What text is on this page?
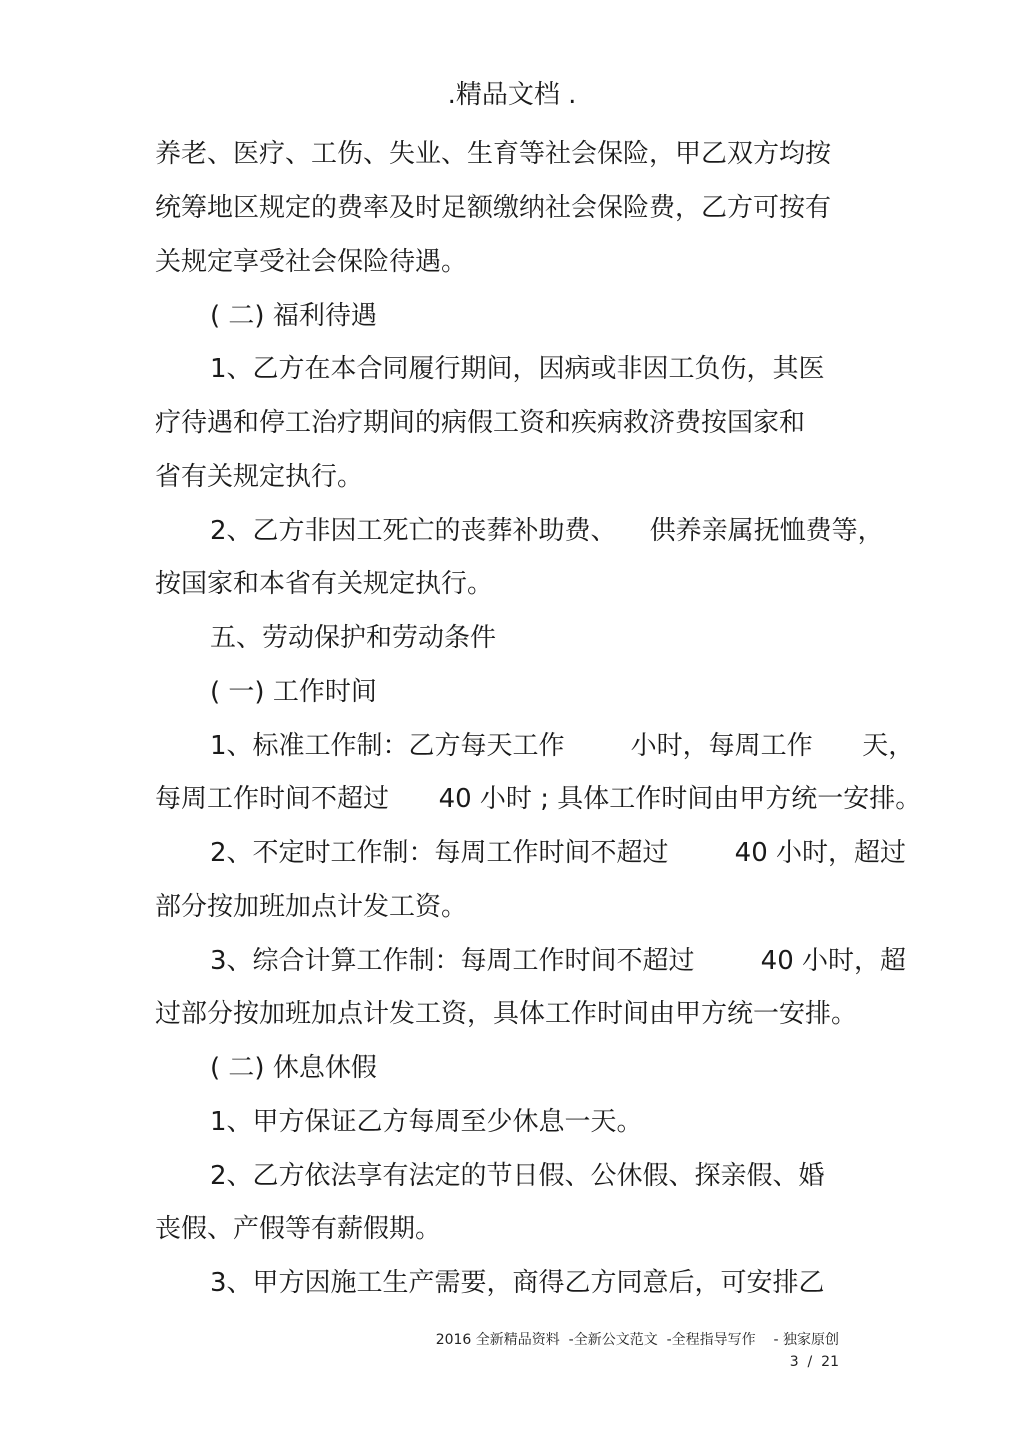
.精品文档 .
养老、医疗、工伤、失业、生育等社会保险，甲乙双方均按
统筹地区规定的费率及时足额缴纳社会保险费，乙方可按有
关规定享受社会保险待遇。
( 二) 福利待遇
1、乙方在本合同履行期间，因病或非因工负伤，其医
疗待遇和停工治疗期间的病假工资和疾病救济费按国家和
省有关规定执行。
2、乙方非因工死亡的丧葬补助费、    供养亲属抚恤费等，
按国家和本省有关规定执行。
五、劳动保护和劳动条件
( 一) 工作时间
1、标准工作制：乙方每天工作        小时，每周工作      天，
每周工作时间不超过      40 小时 ; 具体工作时间由甲方统一安排。
2、不定时工作制：每周工作时间不超过        40 小时，超过
部分按加班加点计发工资。
3、综合计算工作制：每周工作时间不超过        40 小时，超
过部分按加班加点计发工资，具体工作时间由甲方统一安排。
( 二) 休息休假
1、甲方保证乙方每周至少休息一天。
2、乙方依法享有法定的节日假、公休假、探亲假、婚
丧假、产假等有薪假期。
3、甲方因施工生产需要，商得乙方同意后，可安排乙
2016 全新精品资料  -全新公文范文  -全程指导写作    - 独家原创
3  /  21
